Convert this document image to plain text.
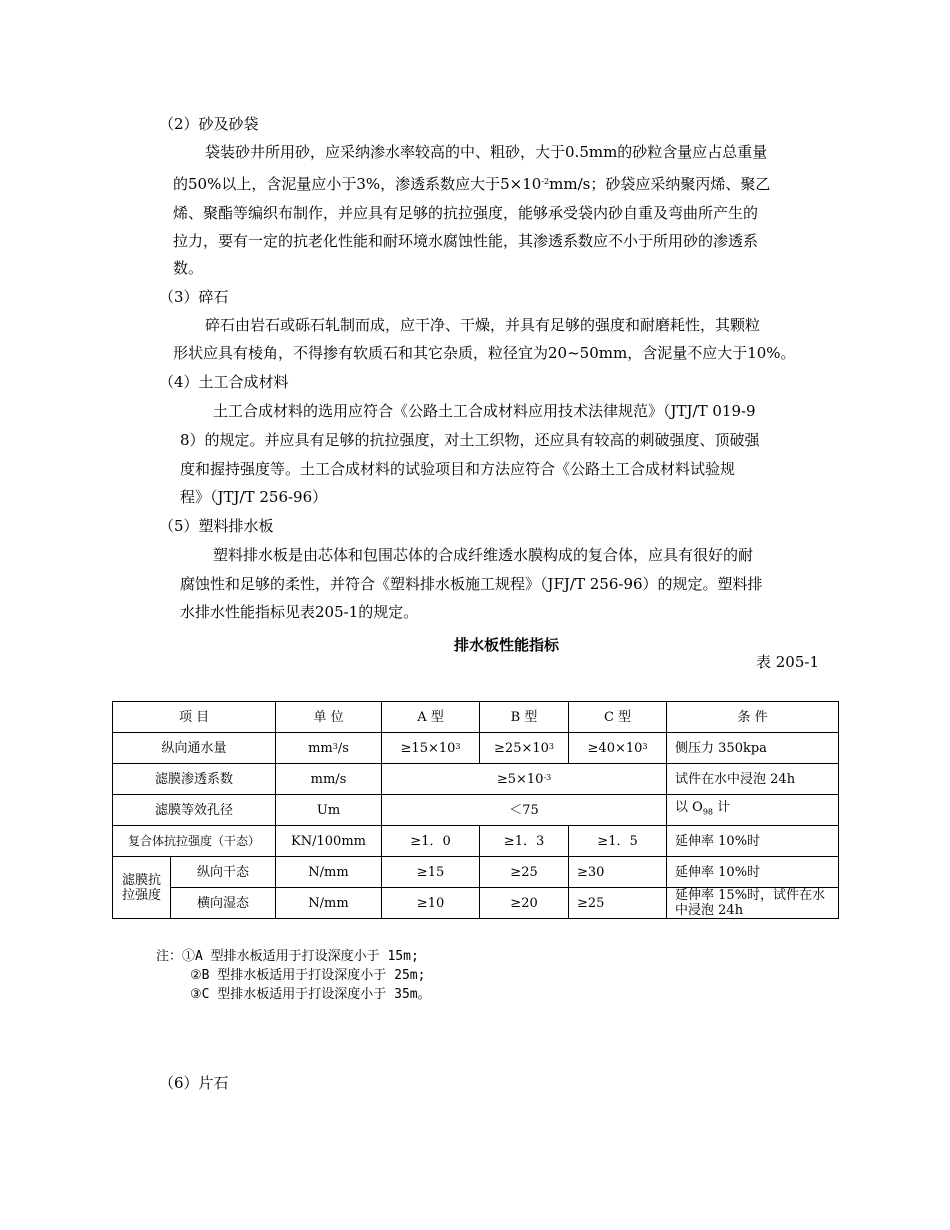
（2）砂及砂袋
袋装砂井所用砂，应采纳渗水率较高的中、粗砂，大于0.5mm的砂粒含量应占总重量
的50%以上，含泥量应小于3%，渗透系数应大于$5\times 10^{-2}mm/s$；砂袋应采纳聚丙烯、聚乙
烯、聚酯等编织布制作，并应具有足够的抗拉强度，能够承受袋内砂自重及弯曲所产生的
拉力，要有一定的抗老化性能和耐环境水腐蚀性能，其渗透系数应不小于所用砂的渗透系
数。
（3）碎石
碎石由岩石或砾石轧制而成，应干净、干燥，并具有足够的强度和耐磨耗性，其颗粒
形状应具有棱角，不得掺有软质石和其它杂质，粒径宜为20~50mm，含泥量不应大于10%。
（4）土工合成材料
土工合成材料的选用应符合《公路土工合成材料应用技术法律规范》（JTJ/T 019-9
8）的规定。并应具有足够的抗拉强度，对土工织物，还应具有较高的刺破强度、顶破强
度和握持强度等。土工合成材料的试验项目和方法应符合《公路土工合成材料试验规
程》（JTJ/T 256-96）
（5）塑料排水板
塑料排水板是由芯体和包围芯体的合成纤维透水膜构成的复合体，应具有很好的耐
腐蚀性和足够的柔性，并符合《塑料排水板施工规程》（JFJ/T 256-96）的规定。塑料排
水排水性能指标见表205-1的规定。
排水板性能指标
表 205-1
项 目		单 位	A 型	B 型	C 型	条 件
纵向通水量		$mm^3/s$	$\ge 15\times 10^3$	$\ge 25\times 10^3$	$\ge 40\times 10^3$	侧压力 350kpa
滤膜渗透系数		mm/s	$\ge 5\times 10^{-3}$			试件在水中浸泡 24h
滤膜等效孔径		Um	＜75			以 $O_{98}$ 计
复合体抗拉强度（干态）		KN/100mm	≥1．0	≥1．3	≥1．5	延伸率 10%时
滤膜抗拉强度	纵向干态	N/mm	≥15	≥25	≥30	延伸率 10%时
	横向湿态	N/mm	≥10	≥20	≥25	延伸率 15%时，试件在水中浸泡 24h
注：①A 型排水板适用于打设深度小于 15m;
②B 型排水板适用于打设深度小于 25m;
③C 型排水板适用于打设深度小于 35m。
（6）片石
